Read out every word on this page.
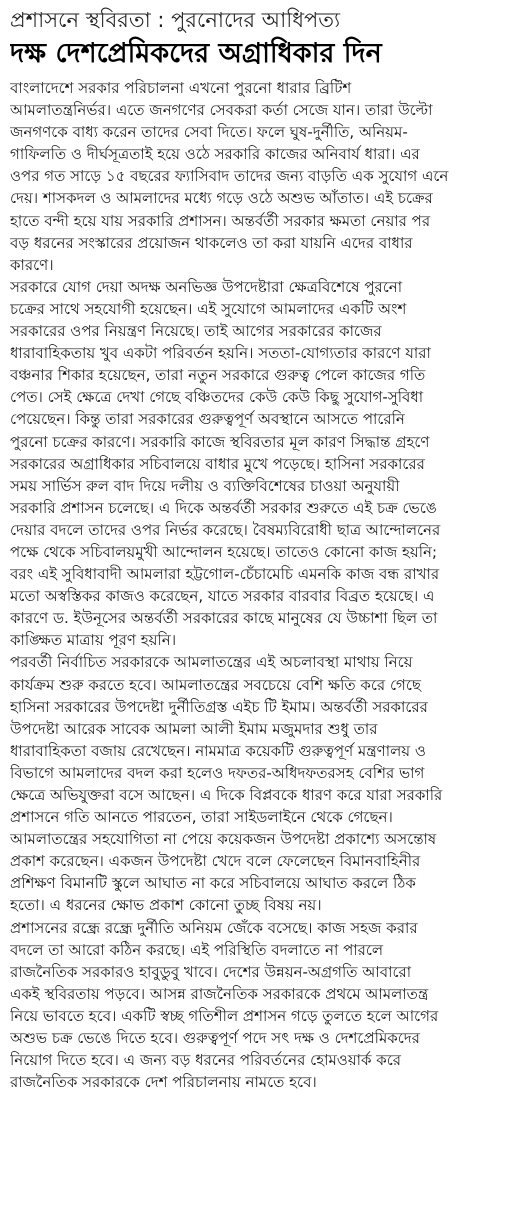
প্রশাসনে স্থবিরতা : পুরনোদের আধিপত্য
দক্ষ দেশপ্রেমিকদের অগ্রাধিকার দিন

বাংলাদেশে সরকার পরিচালনা এখনো পুরনো ধারার ব্রিটিশ
আমলাতন্ত্রনির্ভর। এতে জনগণের সেবকরা কর্তা সেজে যান। তারা উল্টো
জনগণকে বাধ্য করেন তাদের সেবা দিতে। ফলে ঘুষ-দুর্নীতি, অনিয়ম-
গাফিলতি ও দীর্ঘসূত্রতাই হয়ে ওঠে সরকারি কাজের অনিবার্য ধারা। এর
ওপর গত সাড়ে ১৫ বছরের ফ্যাসিবাদ তাদের জন্য বাড়তি এক সুযোগ এনে
দেয়। শাসকদল ও আমলাদের মধ্যে গড়ে ওঠে অশুভ আঁতাত। এই চক্রের
হাতে বন্দী হয়ে যায় সরকারি প্রশাসন। অন্তর্বর্তী সরকার ক্ষমতা নেয়ার পর
বড় ধরনের সংস্কারের প্রয়োজন থাকলেও তা করা যায়নি এদের বাধার
কারণে।

সরকারে যোগ দেয়া অদক্ষ অনভিজ্ঞ উপদেষ্টারা ক্ষেত্রবিশেষে পুরনো
চক্রের সাথে সহযোগী হয়েছেন। এই সুযোগে আমলাদের একটি অংশ
সরকারের ওপর নিয়ন্ত্রণ নিয়েছে। তাই আগের সরকারের কাজের
ধারাবাহিকতায় খুব একটা পরিবর্তন হয়নি। সততা-যোগ্যতার কারণে যারা
বঞ্চনার শিকার হয়েছেন, তারা নতুন সরকারে গুরুত্ব পেলে কাজের গতি
পেত। সেই ক্ষেত্রে দেখা গেছে বঞ্চিতদের কেউ কেউ কিছু সুযোগ-সুবিধা
পেয়েছেন। কিন্তু তারা সরকারের গুরুত্বপূর্ণ অবস্থানে আসতে পারেনি
পুরনো চক্রের কারণে। সরকারি কাজে স্থবিরতার মূল কারণ সিদ্ধান্ত গ্রহণে
সরকারের অগ্রাধিকার সচিবালয়ে বাধার মুখে পড়েছে। হাসিনা সরকারের
সময় সার্ভিস রুল বাদ দিয়ে দলীয় ও ব্যক্তিবিশেষের চাওয়া অনুযায়ী
সরকারি প্রশাসন চলেছে। এ দিকে অন্তর্বর্তী সরকার শুরুতে এই চক্র ভেঙে
দেয়ার বদলে তাদের ওপর নির্ভর করেছে। বৈষম্যবিরোধী ছাত্র আন্দোলনের
পক্ষে থেকে সচিবালয়মুখী আন্দোলন হয়েছে। তাতেও কোনো কাজ হয়নি;
বরং এই সুবিধাবাদী আমলারা হট্টগোল-চেঁচামেচি এমনকি কাজ বন্ধ রাখার
মতো অস্বস্তিকর কাজও করেছেন, যাতে সরকার বারবার বিব্রত হয়েছে। এ
কারণে ড. ইউনূসের অন্তর্বর্তী সরকারের কাছে মানুষের যে উচ্চাশা ছিল তা
কাঙ্ক্ষিত মাত্রায় পূরণ হয়নি।

পরবর্তী নির্বাচিত সরকারকে আমলাতন্ত্রের এই অচলাবস্থা মাথায় নিয়ে
কার্যক্রম শুরু করতে হবে। আমলাতন্ত্রের সবচেয়ে বেশি ক্ষতি করে গেছে
হাসিনা সরকারের উপদেষ্টা দুর্নীতিগ্রস্ত এইচ টি ইমাম। অন্তর্বর্তী সরকারের
উপদেষ্টা আরেক সাবেক আমলা আলী ইমাম মজুমদার শুধু তার
ধারাবাহিকতা বজায় রেখেছেন। নামমাত্র কয়েকটি গুরুত্বপূর্ণ মন্ত্রণালয় ও
বিভাগে আমলাদের বদল করা হলেও দফতর-অধিদফতরসহ বেশির ভাগ
ক্ষেত্রে অভিযুক্তরা বসে আছেন। এ দিকে বিপ্লবকে ধারণ করে যারা সরকারি
প্রশাসনে গতি আনতে পারতেন, তারা সাইডলাইনে থেকে গেছেন।
আমলাতন্ত্রের সহযোগিতা না পেয়ে কয়েকজন উপদেষ্টা প্রকাশ্যে অসন্তোষ
প্রকাশ করেছেন। একজন উপদেষ্টা খেদে বলে ফেলেছেন বিমানবাহিনীর
প্রশিক্ষণ বিমানটি স্কুলে আঘাত না করে সচিবালয়ে আঘাত করলে ঠিক
হতো। এ ধরনের ক্ষোভ প্রকাশ কোনো তুচ্ছ বিষয় নয়।

প্রশাসনের রন্ধ্রে রন্ধ্রে দুর্নীতি অনিয়ম জেঁকে বসেছে। কাজ সহজ করার
বদলে তা আরো কঠিন করছে। এই পরিস্থিতি বদলাতে না পারলে
রাজনৈতিক সরকারও হাবুডুবু খাবে। দেশের উন্নয়ন-অগ্রগতি আবারো
একই স্থবিরতায় পড়বে। আসন্ন রাজনৈতিক সরকারকে প্রথমে আমলাতন্ত্র
নিয়ে ভাবতে হবে। একটি স্বচ্ছ গতিশীল প্রশাসন গড়ে তুলতে হলে আগের
অশুভ চক্র ভেঙে দিতে হবে। গুরুত্বপূর্ণ পদে সৎ দক্ষ ও দেশপ্রেমিকদের
নিয়োগ দিতে হবে। এ জন্য বড় ধরনের পরিবর্তনের হোমওয়ার্ক করে
রাজনৈতিক সরকারকে দেশ পরিচালনায় নামতে হবে।
